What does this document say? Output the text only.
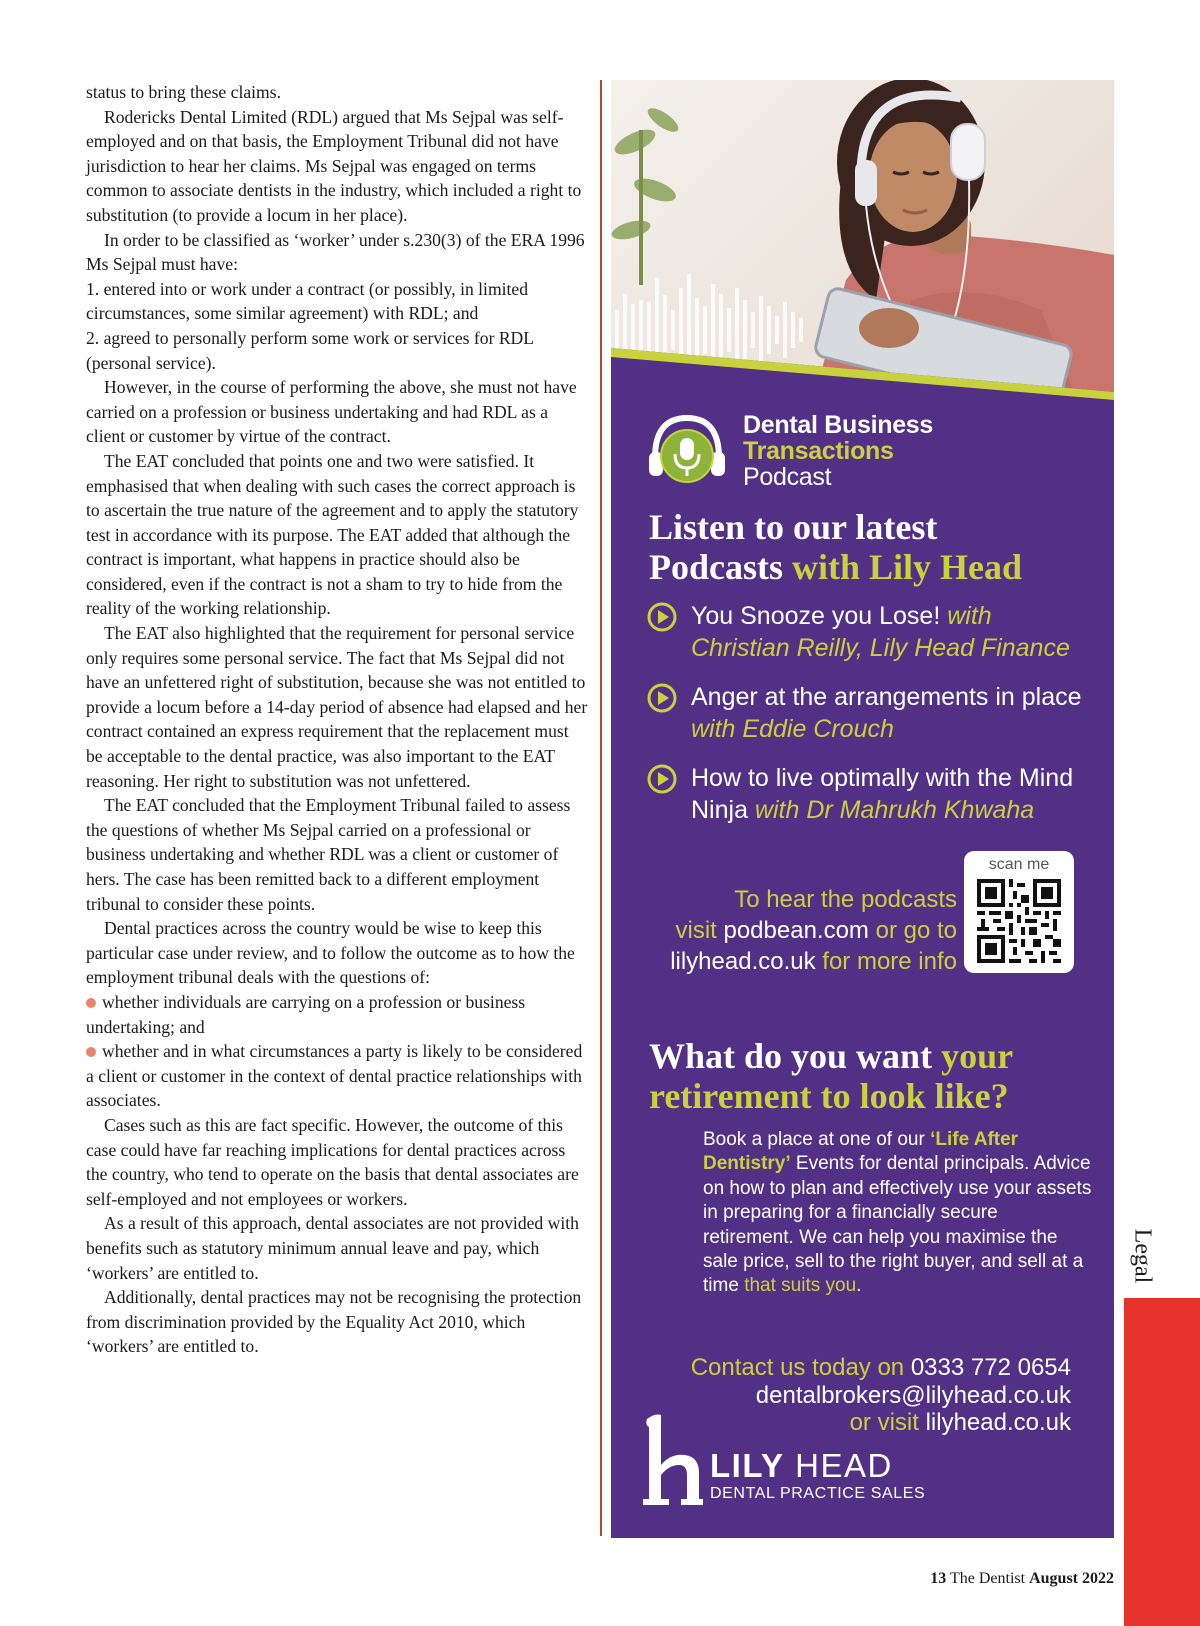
status to bring these claims.

Rodericks Dental Limited (RDL) argued that Ms Sejpal was self-employed and on that basis, the Employment Tribunal did not have jurisdiction to hear her claims. Ms Sejpal was engaged on terms common to associate dentists in the industry, which included a right to substitution (to provide a locum in her place).

In order to be classified as ‘worker’ under s.230(3) of the ERA 1996 Ms Sejpal must have:

1. entered into or work under a contract (or possibly, in limited circumstances, some similar agreement) with RDL; and

2. agreed to personally perform some work or services for RDL (personal service).

However, in the course of performing the above, she must not have carried on a profession or business undertaking and had RDL as a client or customer by virtue of the contract.

The EAT concluded that points one and two were satisfied. It emphasised that when dealing with such cases the correct approach is to ascertain the true nature of the agreement and to apply the statutory test in accordance with its purpose. The EAT added that although the contract is important, what happens in practice should also be considered, even if the contract is not a sham to try to hide from the reality of the working relationship.

The EAT also highlighted that the requirement for personal service only requires some personal service. The fact that Ms Sejpal did not have an unfettered right of substitution, because she was not entitled to provide a locum before a 14-day period of absence had elapsed and her contract contained an express requirement that the replacement must be acceptable to the dental practice, was also important to the EAT reasoning. Her right to substitution was not unfettered.

The EAT concluded that the Employment Tribunal failed to assess the questions of whether Ms Sejpal carried on a professional or business undertaking and whether RDL was a client or customer of hers. The case has been remitted back to a different employment tribunal to consider these points.

Dental practices across the country would be wise to keep this particular case under review, and to follow the outcome as to how the employment tribunal deals with the questions of:

whether individuals are carrying on a profession or business undertaking; and

whether and in what circumstances a party is likely to be considered a client or customer in the context of dental practice relationships with associates.

Cases such as this are fact specific. However, the outcome of this case could have far reaching implications for dental practices across the country, who tend to operate on the basis that dental associates are self-employed and not employees or workers.

As a result of this approach, dental associates are not provided with benefits such as statutory minimum annual leave and pay, which ‘workers’ are entitled to.

Additionally, dental practices may not be recognising the protection from discrimination provided by the Equality Act 2010, which ‘workers’ are entitled to.

Dental Business
Transactions
Podcast
Listen to our latest
Podcasts with Lily Head
You Snooze you Lose! with Christian Reilly, Lily Head Finance
Anger at the arrangements in place with Eddie Crouch
How to live optimally with the Mind Ninja with Dr Mahrukh Khwaha
To hear the podcasts
visit podbean.com or go to
lilyhead.co.uk for more info
scan me
What do you want your
retirement to look like?
Book a place at one of our ‘Life After Dentistry’ Events for dental principals. Advice on how to plan and effectively use your assets in preparing for a financially secure retirement. We can help you maximise the sale price, sell to the right buyer, and sell at a time that suits you.
Contact us today on 0333 772 0654
dentalbrokers@lilyhead.co.uk
or visit lilyhead.co.uk
LILY HEAD
DENTAL PRACTICE SALES
Legal
13 The Dentist August 2022
